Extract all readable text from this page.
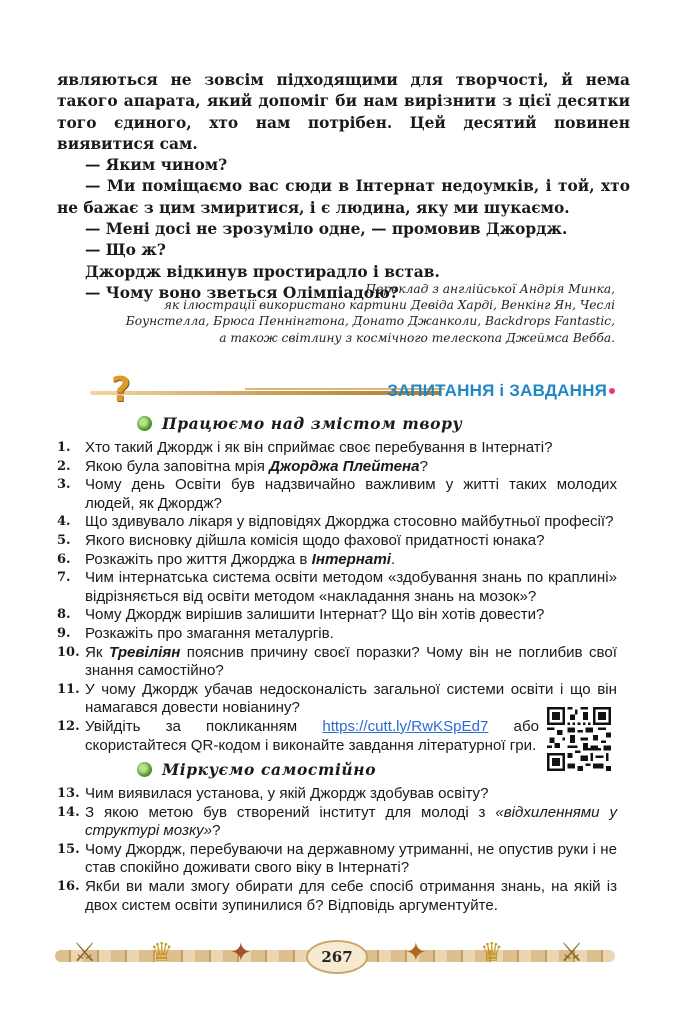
являються не зовсім підходящими для творчості, й нема такого апарата, який допоміг би нам вирізнити з цієї десятки того єдиного, хто нам потрібен. Цей десятий повинен виявитися сам.

— Яким чином?

— Ми поміщаємо вас сюди в Інтернат недоумків, і той, хто не бажає з цим змиритися, і є людина, яку ми шукаємо.

— Мені досі не зрозуміло одне, — промовив Джордж.

— Що ж?

Джордж відкинув простирадло і встав.

— Чому воно зветься Олімпіадою?

Переклад з англійської Андрія Минка,
як ілюстрації використано картини Девіда Харді, Венкінг Ян, Чеслі
Боунстелла, Брюса Пеннінгтона, Донато Джанколи, Backdrops Fantastic,
а також світлину з космічного телескопа Джеймса Вебба.
?	ЗАПИТАННЯ і ЗАВДАННЯ
Працюємо над змістом твору
1. Хто такий Джордж і як він сприймає своє перебування в Інтернаті?
2. Якою була заповітна мрія Джорджа Плейтена?
3. Чому день Освіти був надзвичайно важливим у житті таких молодих людей, як Джордж?
4. Що здивувало лікаря у відповідях Джорджа стосовно майбутньої професії?
5. Якого висновку дійшла комісія щодо фахової придатності юнака?
6. Розкажіть про життя Джорджа в Інтернаті.
7. Чим інтернатська система освіти методом «здобування знань по краплині» відрізняється від освіти методом «накладання знань на мозок»?
8. Чому Джордж вирішив залишити Інтернат? Що він хотів довести?
9. Розкажіть про змагання металургів.
10. Як Тревіліян пояснив причину своєї поразки? Чому він не поглибив свої знання самостійно?
11. У чому Джордж убачав недосконалість загальної системи освіти і що він намагався довести новіанину?
12. Увійдіть за покликанням https://cutt.ly/RwKSpEd7 або скористайтеся QR-кодом і виконайте завдання літературної гри.
Міркуємо самостійно
13. Чим виявилася установа, у якій Джордж здобував освіту?
14. З якою метою був створений інститут для молоді з «відхиленнями у структурі мозку»?
15. Чому Джордж, перебуваючи на державному утриманні, не опустив руки і не став спокійно доживати свого віку в Інтернаті?
16. Якби ви мали змогу обирати для себе спосіб отримання знань, на якій із двох систем освіти зупинилися б? Відповідь аргументуйте.
⚔ ♛ ✦	✦ ♛ ⚔
267
